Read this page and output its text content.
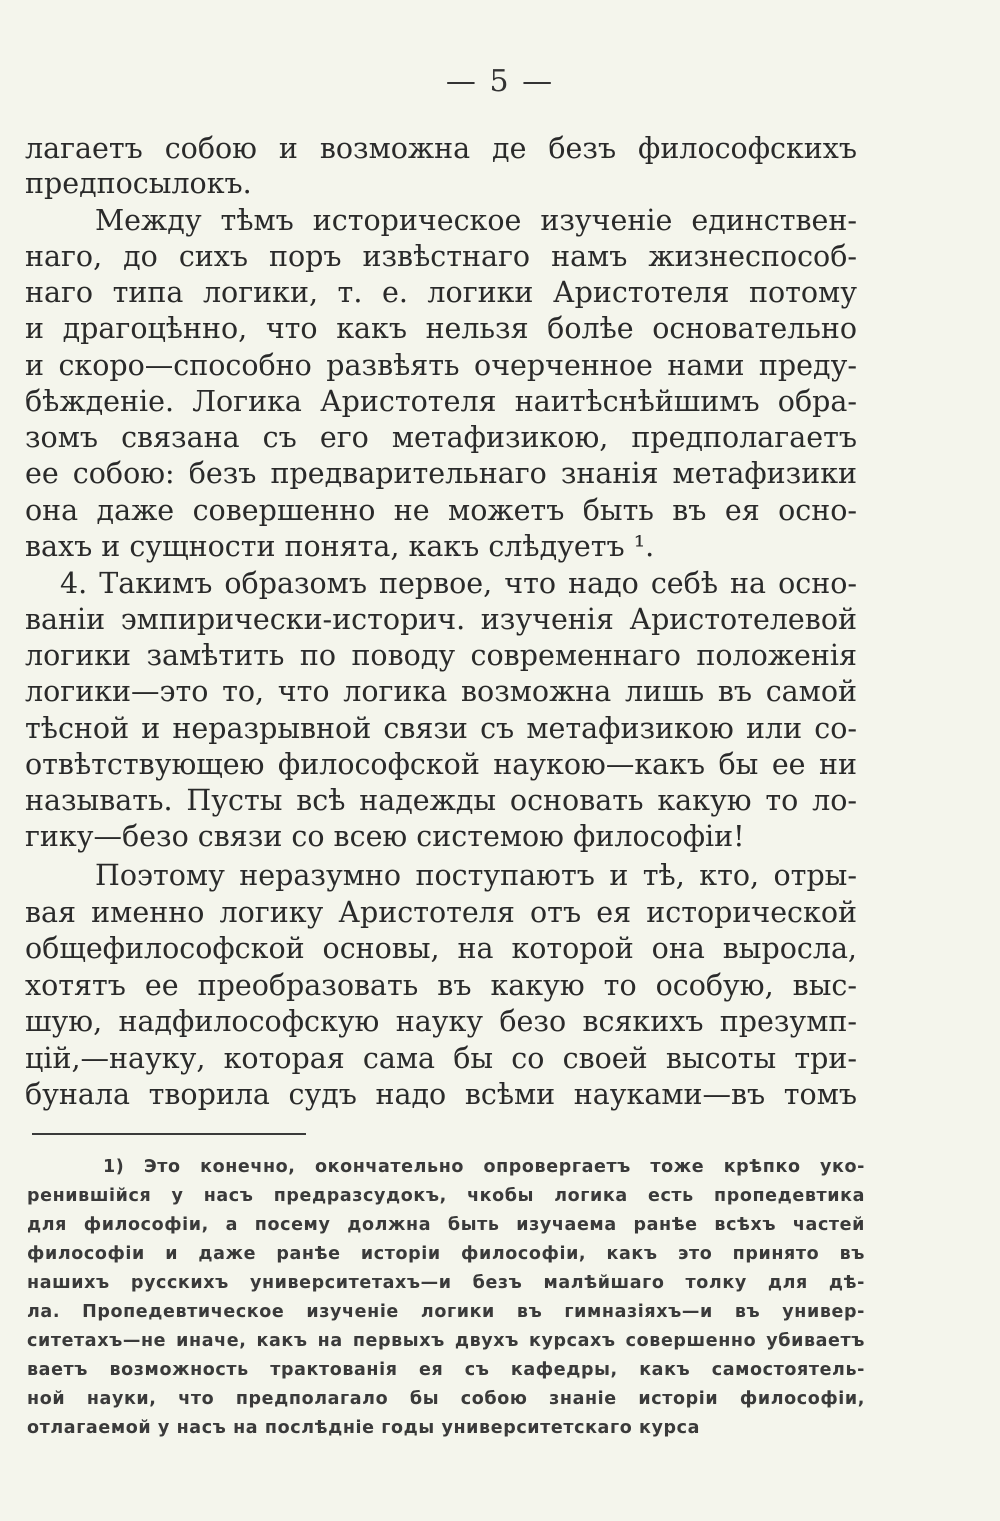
— 5 —
лагаетъ собою и возможна де безъ философскихъ
предпосылокъ.
Между тѣмъ историческое изученіе единствен-
наго, до сихъ поръ извѣстнаго намъ жизнеспособ-
наго типа логики, т. е. логики Аристотеля потому
и драгоцѣнно, что какъ нельзя болѣе основательно
и скоро—способно развѣять очерченное нами преду-
бѣжденіе. Логика Аристотеля наитѣснѣйшимъ обра-
зомъ связана съ его метафизикою, предполагаетъ
ее собою: безъ предварительнаго знанія метафизики
она даже совершенно не можетъ быть въ ея осно-
вахъ и сущности понята, какъ слѣдуетъ ¹.
4. Такимъ образомъ первое, что надо себѣ на осно-
ваніи эмпирически-историч. изученія Аристотелевой
логики замѣтить по поводу современнаго положенія
логики—это то, что логика возможна лишь въ самой
тѣсной и неразрывной связи съ метафизикою или со-
отвѣтствующею философской наукою—какъ бы ее ни
называть. Пусты всѣ надежды основать какую то ло-
гику—безо связи со всею системою философіи!
Поэтому неразумно поступаютъ и тѣ, кто, отры-
вая именно логику Аристотеля отъ ея исторической
общефилософской основы, на которой она выросла,
хотятъ ее преобразовать въ какую то особую, выс-
шую, надфилософскую науку безо всякихъ презумп-
цій,—науку, которая сама бы со своей высоты три-
бунала творила судъ надо всѣми науками—въ томъ
1) Это конечно, окончательно опровергаетъ тоже крѣпко уко-
ренившійся у насъ предразсудокъ, чкобы логика есть пропедевтика
для философіи, а посему должна быть изучаема ранѣе всѣхъ частей
философіи и даже ранѣе исторіи философіи, какъ это принято въ
нашихъ русскихъ университетахъ—и безъ малѣйшаго толку для дѣ-
ла. Пропедевтическое изученіе логики въ гимназіяхъ—и въ универ-
ситетахъ—не иначе, какъ на первыхъ двухъ курсахъ совершенно убиваетъ
ваетъ возможность трактованія ея съ кафедры, какъ самостоятель-
ной науки, что предполагало бы собою знаніе исторіи философіи,
отлагаемой у насъ на послѣдніе годы университетскаго курса
